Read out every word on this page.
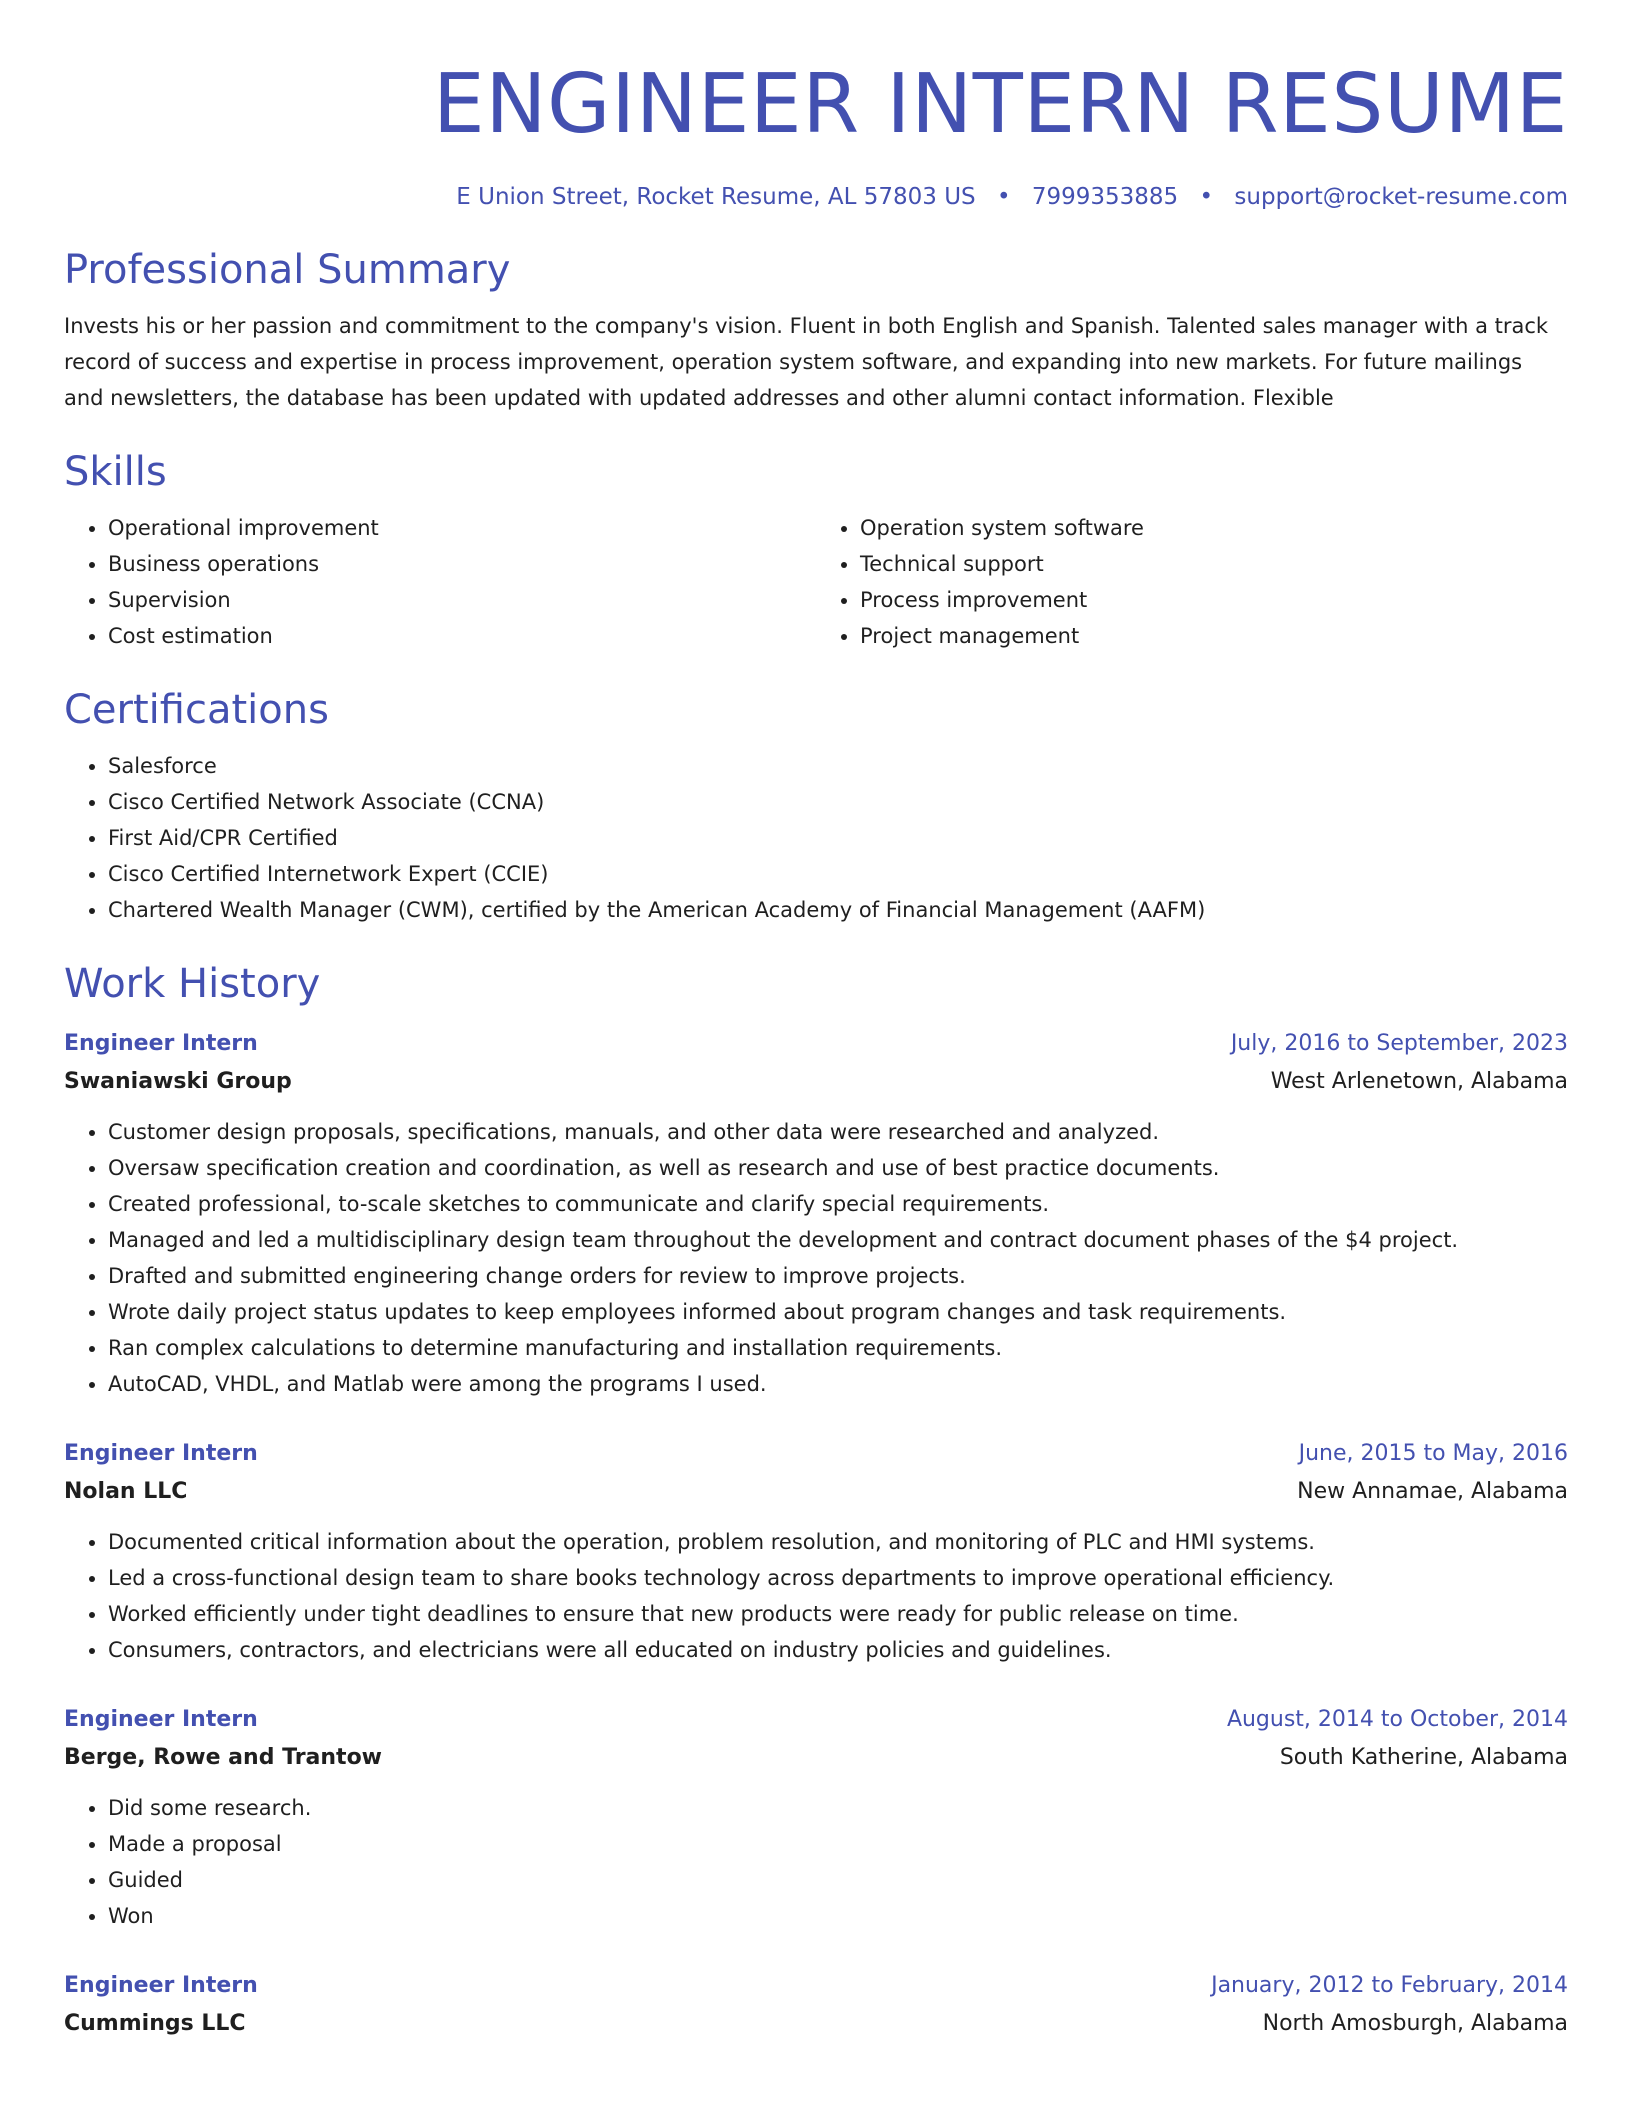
ENGINEER INTERN RESUME
E Union Street, Rocket Resume, AL 57803 US • 7999353885 • support@rocket-resume.com
Professional Summary
Invests his or her passion and commitment to the company's vision. Fluent in both English and Spanish. Talented sales manager with a track record of success and expertise in process improvement, operation system software, and expanding into new markets. For future mailings and newsletters, the database has been updated with updated addresses and other alumni contact information. Flexible
Skills
• Operational improvement
• Business operations
• Supervision
• Cost estimation
• Operation system software
• Technical support
• Process improvement
• Project management
Certifications
• Salesforce
• Cisco Certified Network Associate (CCNA)
• First Aid/CPR Certified
• Cisco Certified Internetwork Expert (CCIE)
• Chartered Wealth Manager (CWM), certified by the American Academy of Financial Management (AAFM)
Work History
Engineer Intern	July, 2016 to September, 2023
Swaniawski Group	West Arlenetown, Alabama
• Customer design proposals, specifications, manuals, and other data were researched and analyzed.
• Oversaw specification creation and coordination, as well as research and use of best practice documents.
• Created professional, to-scale sketches to communicate and clarify special requirements.
• Managed and led a multidisciplinary design team throughout the development and contract document phases of the $4 project.
• Drafted and submitted engineering change orders for review to improve projects.
• Wrote daily project status updates to keep employees informed about program changes and task requirements.
• Ran complex calculations to determine manufacturing and installation requirements.
• AutoCAD, VHDL, and Matlab were among the programs I used.
Engineer Intern	June, 2015 to May, 2016
Nolan LLC	New Annamae, Alabama
• Documented critical information about the operation, problem resolution, and monitoring of PLC and HMI systems.
• Led a cross-functional design team to share books technology across departments to improve operational efficiency.
• Worked efficiently under tight deadlines to ensure that new products were ready for public release on time.
• Consumers, contractors, and electricians were all educated on industry policies and guidelines.
Engineer Intern	August, 2014 to October, 2014
Berge, Rowe and Trantow	South Katherine, Alabama
• Did some research.
• Made a proposal
• Guided
• Won
Engineer Intern	January, 2012 to February, 2014
Cummings LLC	North Amosburgh, Alabama
